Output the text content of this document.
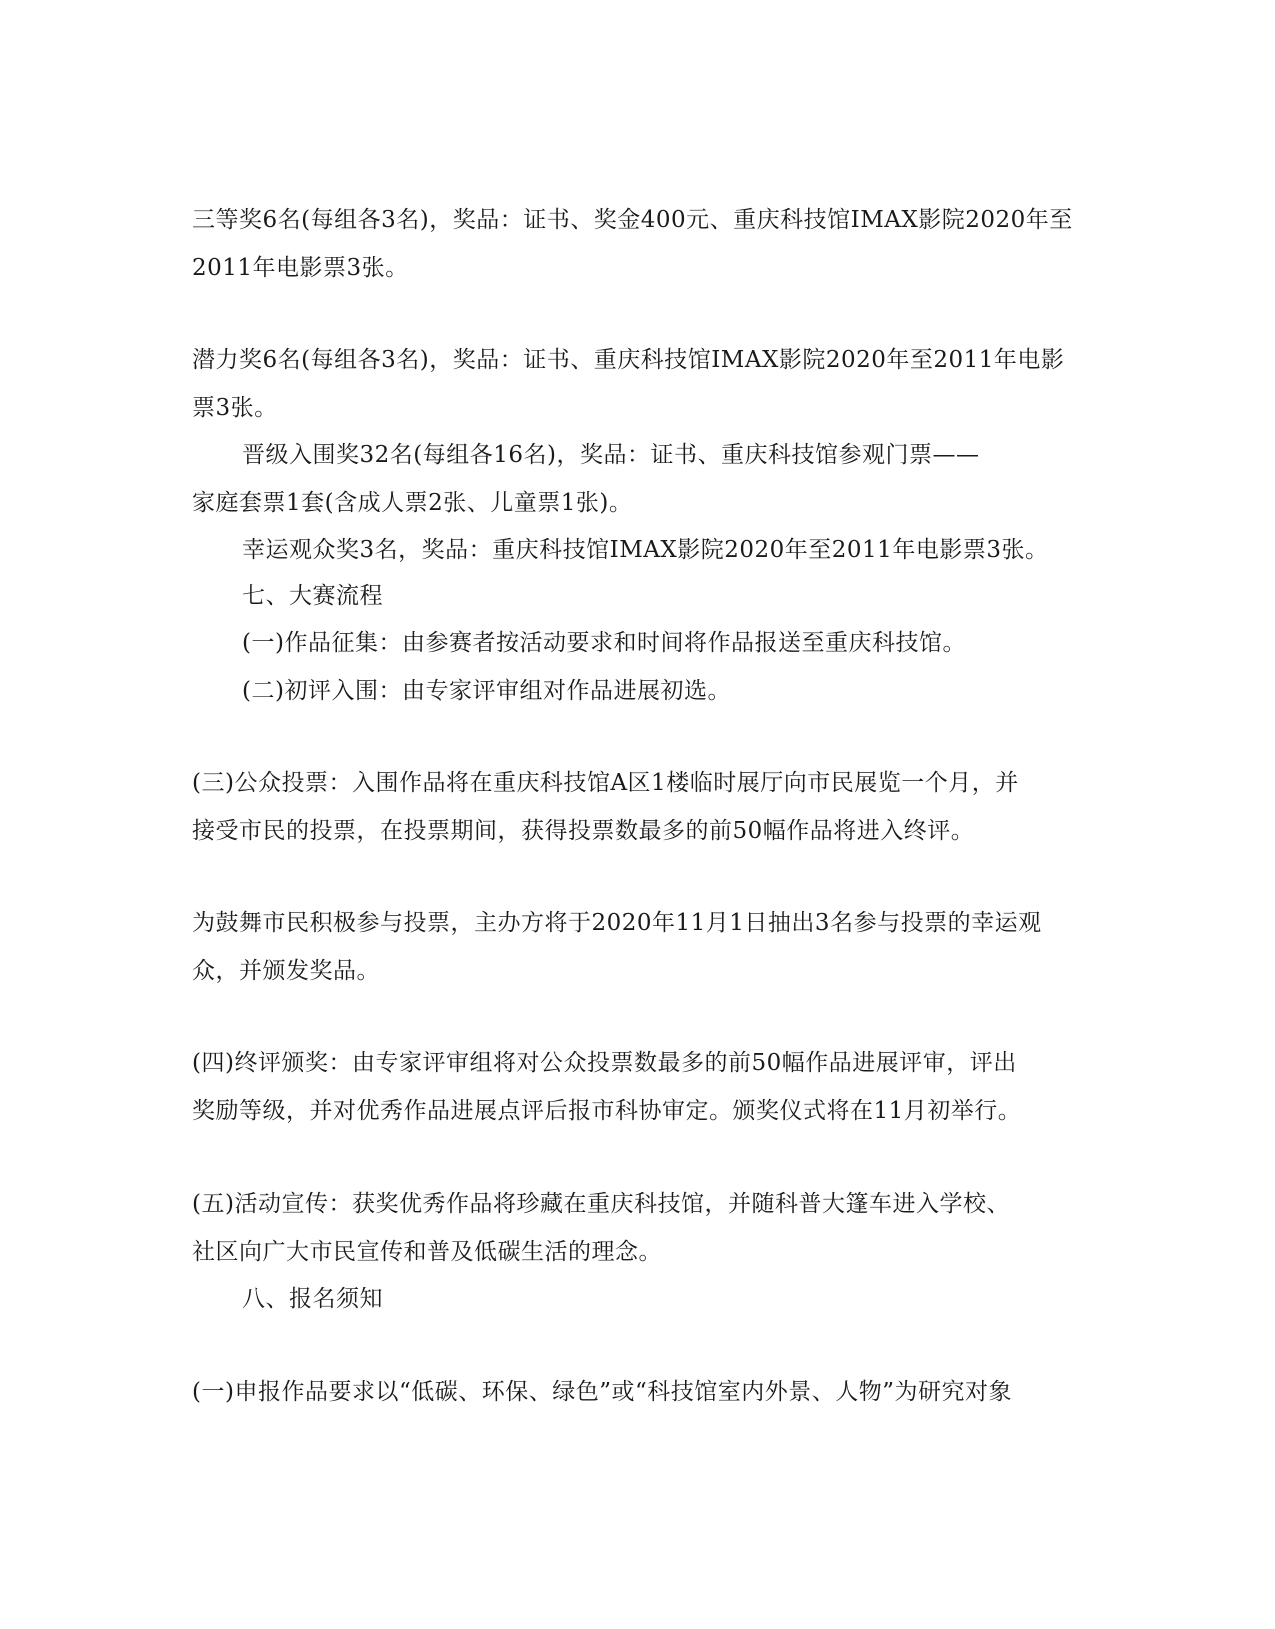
三等奖6名(每组各3名)，奖品：证书、奖金400元、重庆科技馆IMAX影院2020年至

2011年电影票3张。

潜力奖6名(每组各3名)，奖品：证书、重庆科技馆IMAX影院2020年至2011年电影

票3张。

晋级入围奖32名(每组各16名)，奖品：证书、重庆科技馆参观门票——

家庭套票1套(含成人票2张、儿童票1张)。

幸运观众奖3名，奖品：重庆科技馆IMAX影院2020年至2011年电影票3张。

七、大赛流程

(一)作品征集：由参赛者按活动要求和时间将作品报送至重庆科技馆。

(二)初评入围：由专家评审组对作品进展初选。

(三)公众投票：入围作品将在重庆科技馆A区1楼临时展厅向市民展览一个月，并

接受市民的投票，在投票期间，获得投票数最多的前50幅作品将进入终评。

为鼓舞市民积极参与投票，主办方将于2020年11月1日抽出3名参与投票的幸运观

众，并颁发奖品。

(四)终评颁奖：由专家评审组将对公众投票数最多的前50幅作品进展评审，评出

奖励等级，并对优秀作品进展点评后报市科协审定。颁奖仪式将在11月初举行。

(五)活动宣传：获奖优秀作品将珍藏在重庆科技馆，并随科普大篷车进入学校、

社区向广大市民宣传和普及低碳生活的理念。

八、报名须知

(一)申报作品要求以“低碳、环保、绿色”或“科技馆室内外景、人物”为研究对象
